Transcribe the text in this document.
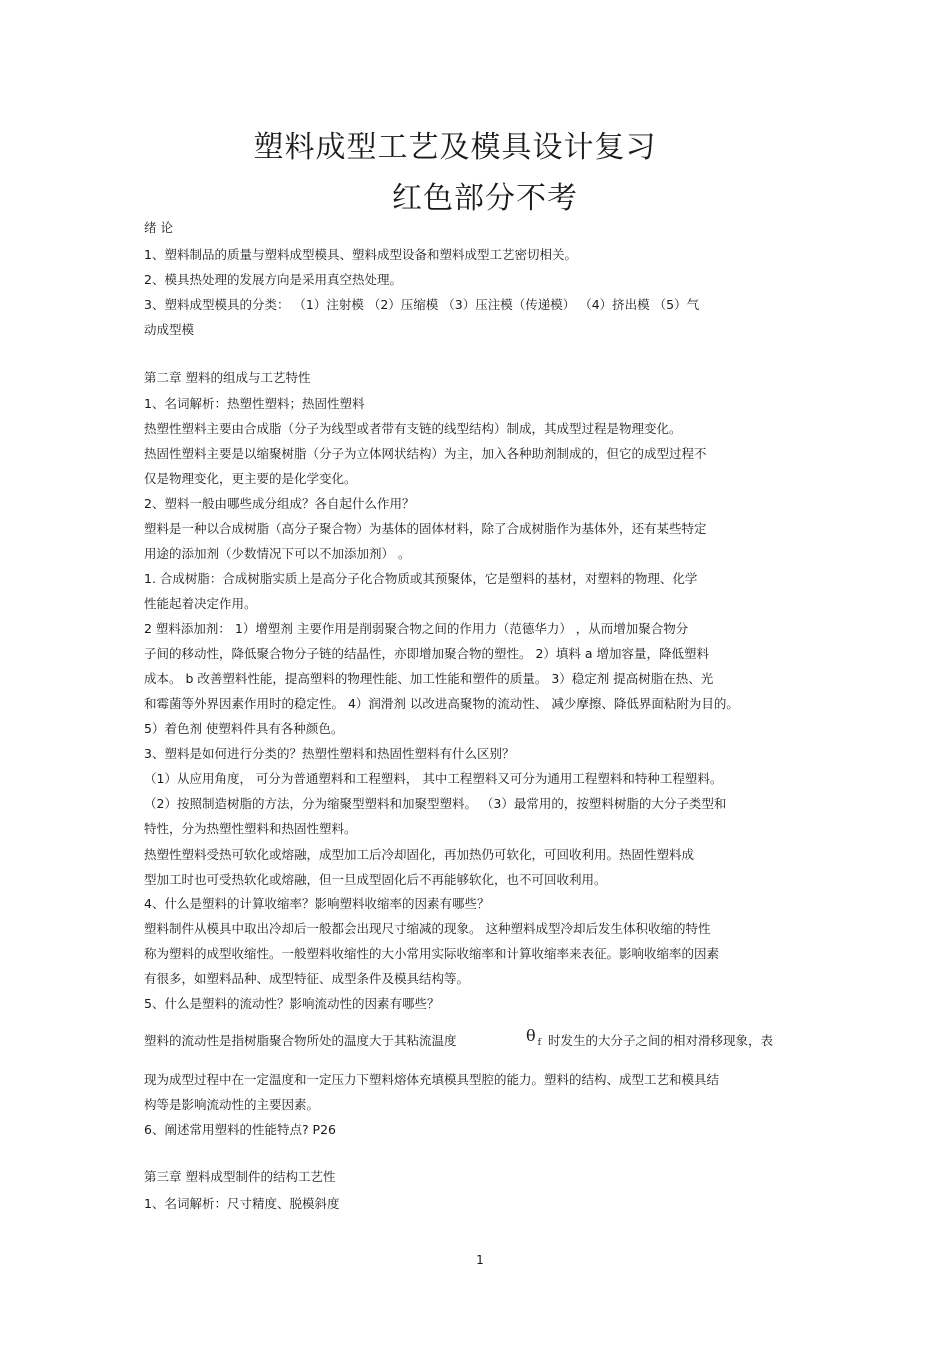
塑料成型工艺及模具设计复习
红色部分不考
绪 论
1、塑料制品的质量与塑料成型模具、塑料成型设备和塑料成型工艺密切相关。
2、模具热处理的发展方向是采用真空热处理。
3、塑料成型模具的分类： （1）注射模 （2）压缩模 （3）压注模（传递模） （4）挤出模 （5）气
动成型模
第二章 塑料的组成与工艺特性
1、名词解析：热塑性塑料；热固性塑料
热塑性塑料主要由合成脂（分子为线型或者带有支链的线型结构）制成，其成型过程是物理变化。
热固性塑料主要是以缩聚树脂（分子为立体网状结构）为主，加入各种助剂制成的，但它的成型过程不
仅是物理变化，更主要的是化学变化。
2、塑料一般由哪些成分组成？各自起什么作用？
塑料是一种以合成树脂（高分子聚合物）为基体的固体材料，除了合成树脂作为基体外，还有某些特定
用途的添加剂（少数情况下可以不加添加剂） 。
1. 合成树脂：合成树脂实质上是高分子化合物质或其预聚体，它是塑料的基材，对塑料的物理、化学
性能起着决定作用。
2 塑料添加剂： 1）增塑剂 主要作用是削弱聚合物之间的作用力（范德华力） ，从而增加聚合物分
子间的移动性，降低聚合物分子链的结晶性，亦即增加聚合物的塑性。 2）填料 a 增加容量，降低塑料
成本。 b 改善塑料性能，提高塑料的物理性能、加工性能和塑件的质量。 3）稳定剂 提高树脂在热、光
和霉菌等外界因素作用时的稳定性。 4）润滑剂 以改进高聚物的流动性、 减少摩擦、降低界面粘附为目的。
5）着色剂 使塑料件具有各种颜色。
3、塑料是如何进行分类的？热塑性塑料和热固性塑料有什么区别？
（1）从应用角度， 可分为普通塑料和工程塑料， 其中工程塑料又可分为通用工程塑料和特种工程塑料。
（2）按照制造树脂的方法，分为缩聚型塑料和加聚型塑料。 （3）最常用的，按塑料树脂的大分子类型和
特性，分为热塑性塑料和热固性塑料。
热塑性塑料受热可软化或熔融，成型加工后冷却固化，再加热仍可软化，可回收利用。热固性塑料成
型加工时也可受热软化或熔融，但一旦成型固化后不再能够软化，也不可回收利用。
4、什么是塑料的计算收缩率？影响塑料收缩率的因素有哪些？
塑料制件从模具中取出冷却后一般都会出现尺寸缩减的现象。 这种塑料成型冷却后发生体积收缩的特性
称为塑料的成型收缩性。一般塑料收缩性的大小常用实际收缩率和计算收缩率来表征。影响收缩率的因素
有很多，如塑料品种、成型特征、成型条件及模具结构等。
5、什么是塑料的流动性？影响流动性的因素有哪些？
塑料的流动性是指树脂聚合物所处的温度大于其粘流温度	θ $_f$ 时发生的大分子之间的相对滑移现象，表
现为成型过程中在一定温度和一定压力下塑料熔体充填模具型腔的能力。塑料的结构、成型工艺和模具结
构等是影响流动性的主要因素。
6、阐述常用塑料的性能特点? P26
第三章 塑料成型制件的结构工艺性
1、名词解析：尺寸精度、脱模斜度
1
